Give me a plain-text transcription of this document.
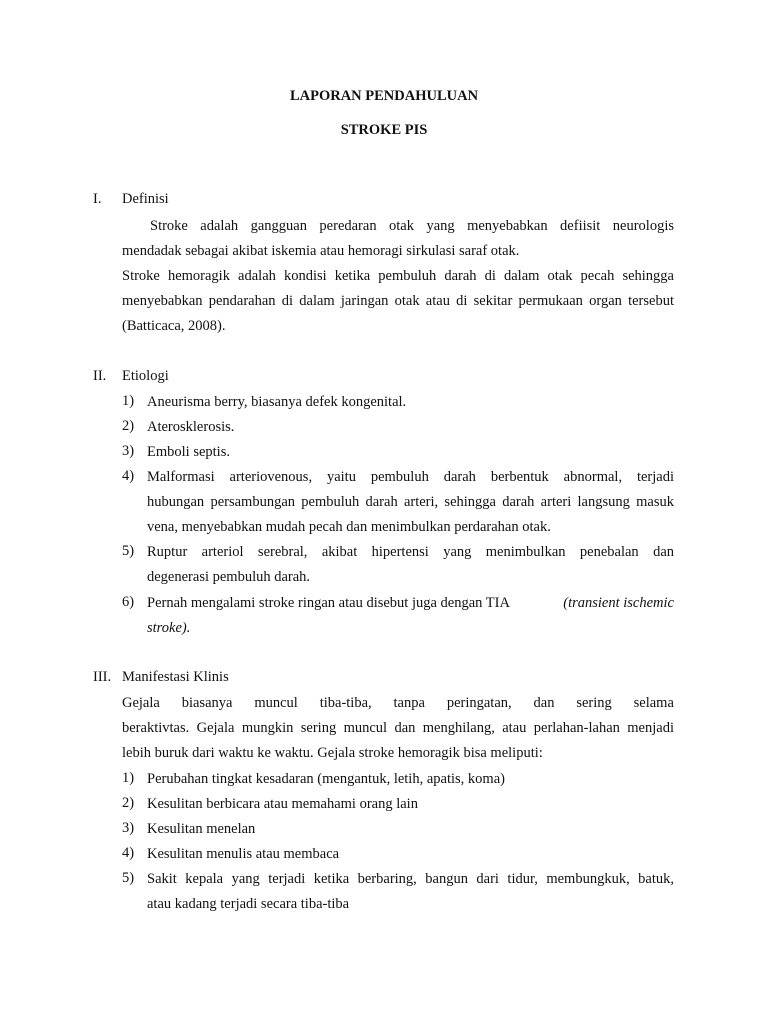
LAPORAN PENDAHULUAN
STROKE PIS
I. Definisi
Stroke adalah gangguan peredaran otak yang menyebabkan defiisit neurologis
mendadak sebagai akibat iskemia atau hemoragi sirkulasi saraf otak.
Stroke hemoragik adalah kondisi ketika pembuluh darah di dalam otak pecah sehingga
menyebabkan pendarahan di dalam jaringan otak atau di sekitar permukaan organ tersebut
(Batticaca, 2008).
II. Etiologi
1) Aneurisma berry, biasanya defek kongenital.
2) Aterosklerosis.
3) Emboli septis.
4) Malformasi arteriovenous, yaitu pembuluh darah berbentuk abnormal, terjadi
hubungan persambungan pembuluh darah arteri, sehingga darah arteri langsung masuk
vena, menyebabkan mudah pecah dan menimbulkan perdarahan otak.
5) Ruptur arteriol serebral, akibat hipertensi yang menimbulkan penebalan dan
degenerasi pembuluh darah.
6) Pernah mengalami stroke ringan atau disebut juga dengan TIA	(transient ischemic
stroke).
III. Manifestasi Klinis
Gejala biasanya muncul tiba-tiba, tanpa peringatan, dan sering selama
beraktivtas. Gejala mungkin sering muncul dan menghilang, atau perlahan-lahan menjadi
lebih buruk dari waktu ke waktu. Gejala stroke hemoragik bisa meliputi:
1) Perubahan tingkat kesadaran (mengantuk, letih, apatis, koma)
2) Kesulitan berbicara atau memahami orang lain
3) Kesulitan menelan
4) Kesulitan menulis atau membaca
5) Sakit kepala yang terjadi ketika berbaring, bangun dari tidur, membungkuk, batuk,
atau kadang terjadi secara tiba-tiba
